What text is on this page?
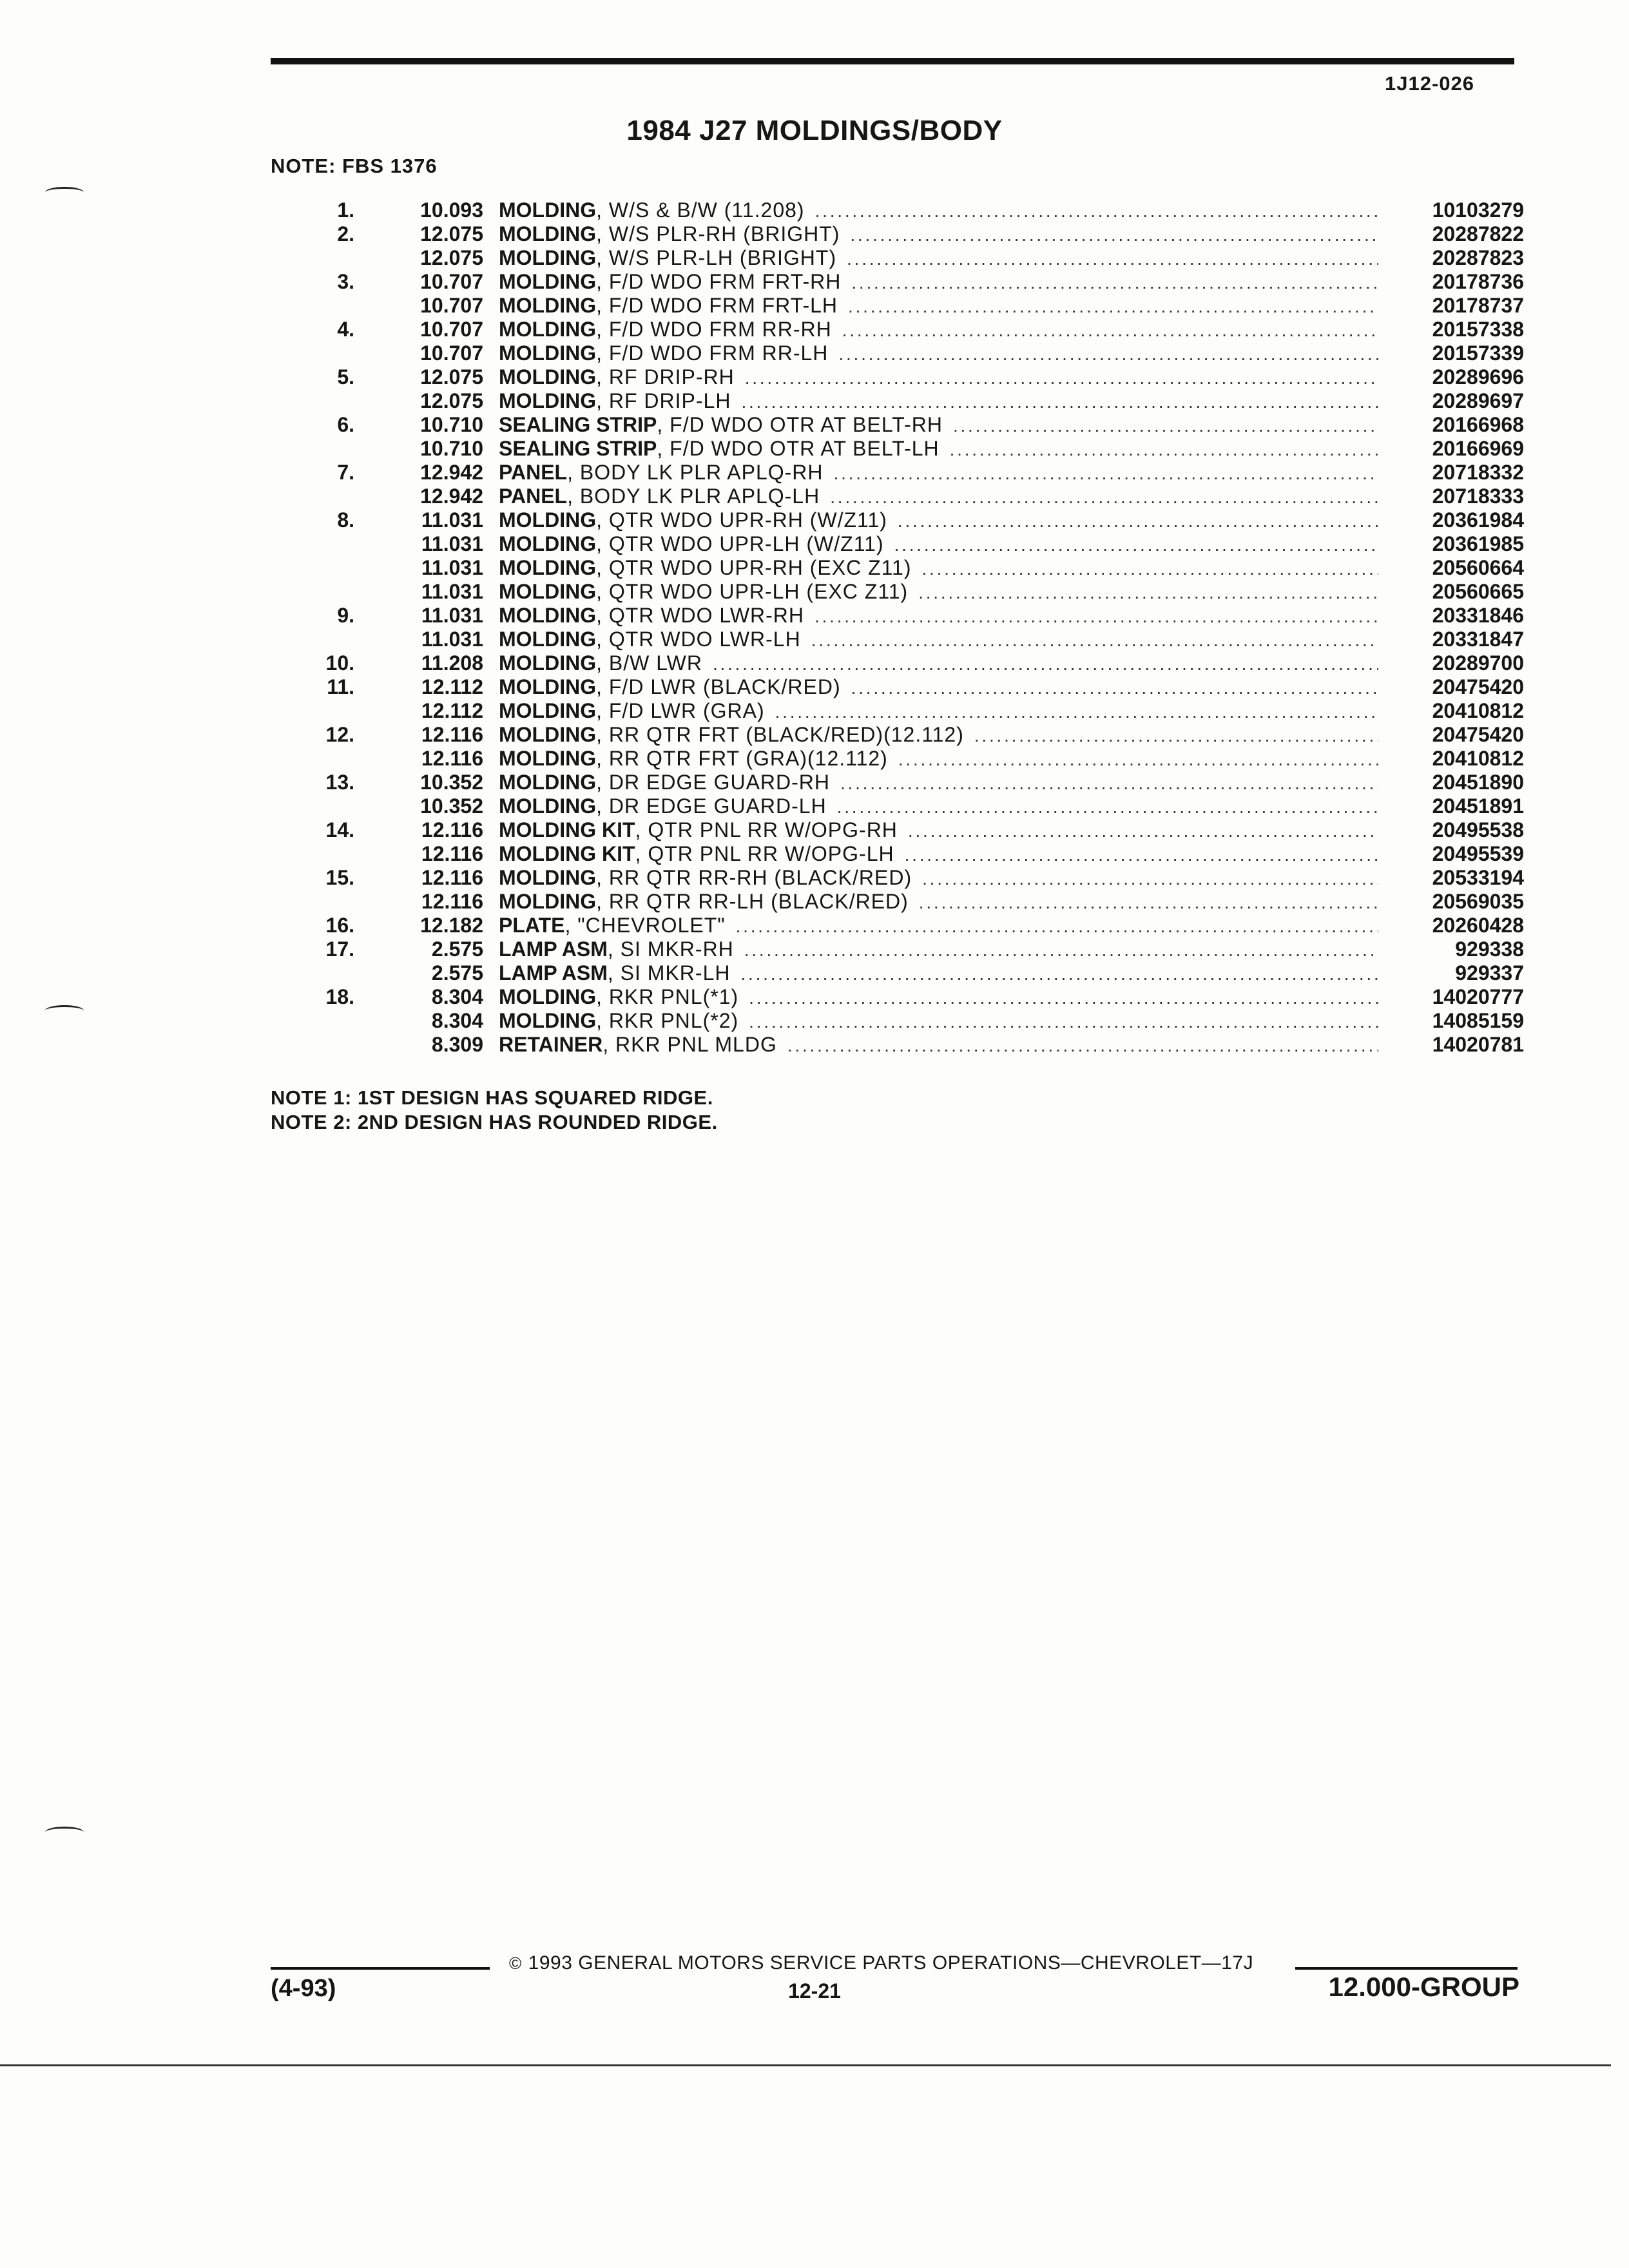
1J12-026
1984 J27 MOLDINGS/BODY
NOTE: FBS 1376
1.	10.093 MOLDING , W/S & B/W (11.208) . . .	10103279
2.	12.075 MOLDING , W/S PLR-RH (BRIGHT) . . .	20287822
12.075 MOLDING , W/S PLR-LH (BRIGHT) . . .	20287823
3.	10.707 MOLDING , F/D WDO FRM FRT-RH . . .	20178736
10.707 MOLDING , F/D WDO FRM FRT-LH . . .	20178737
4.	10.707 MOLDING , F/D WDO FRM RR-RH . . .	20157338
10.707 MOLDING , F/D WDO FRM RR-LH . . .	20157339
5.	12.075 MOLDING , RF DRIP-RH . . .	20289696
12.075 MOLDING , RF DRIP-LH . . .	20289697
6.	10.710 SEALING STRIP , F/D WDO OTR AT BELT-RH . . .	20166968
10.710 SEALING STRIP , F/D WDO OTR AT BELT-LH . . .	20166969
7.	12.942 PANEL , BODY LK PLR APLQ-RH . . .	20718332
12.942 PANEL , BODY LK PLR APLQ-LH . . .	20718333
8.	11.031 MOLDING , QTR WDO UPR-RH (W/Z11) . . .	20361984
11.031 MOLDING , QTR WDO UPR-LH (W/Z11) . . .	20361985
11.031 MOLDING , QTR WDO UPR-RH (EXC Z11) . . .	20560664
11.031 MOLDING , QTR WDO UPR-LH (EXC Z11) . . .	20560665
9.	11.031 MOLDING , QTR WDO LWR-RH . . .	20331846
11.031 MOLDING , QTR WDO LWR-LH . . .	20331847
10.	11.208 MOLDING , B/W LWR . . .	20289700
11.	12.112 MOLDING , F/D LWR (BLACK/RED) . . .	20475420
12.112 MOLDING , F/D LWR (GRA) . . .	20410812
12.	12.116 MOLDING , RR QTR FRT (BLACK/RED)(12.112) . . .	20475420
12.116 MOLDING , RR QTR FRT (GRA)(12.112) . . .	20410812
13.	10.352 MOLDING , DR EDGE GUARD-RH . . .	20451890
10.352 MOLDING , DR EDGE GUARD-LH . . .	20451891
14.	12.116 MOLDING KIT , QTR PNL RR W/OPG-RH . . .	20495538
12.116 MOLDING KIT , QTR PNL RR W/OPG-LH . . .	20495539
15.	12.116 MOLDING , RR QTR RR-RH (BLACK/RED) . . .	20533194
12.116 MOLDING , RR QTR RR-LH (BLACK/RED) . . .	20569035
16.	12.182 PLATE , "CHEVROLET" . . .	20260428
17.	2.575 LAMP ASM , SI MKR-RH . . .	929338
2.575 LAMP ASM , SI MKR-LH . . .	929337
18.	8.304 MOLDING , RKR PNL(*1) . . .	14020777
8.304 MOLDING , RKR PNL(*2) . . .	14085159
8.309 RETAINER , RKR PNL MLDG . . .	14020781
NOTE 1: 1ST DESIGN HAS SQUARED RIDGE.
NOTE 2: 2ND DESIGN HAS ROUNDED RIDGE.
© 1993 GENERAL MOTORS SERVICE PARTS OPERATIONS—CHEVROLET—17J
(4-93)	12-21	12.000-GROUP
